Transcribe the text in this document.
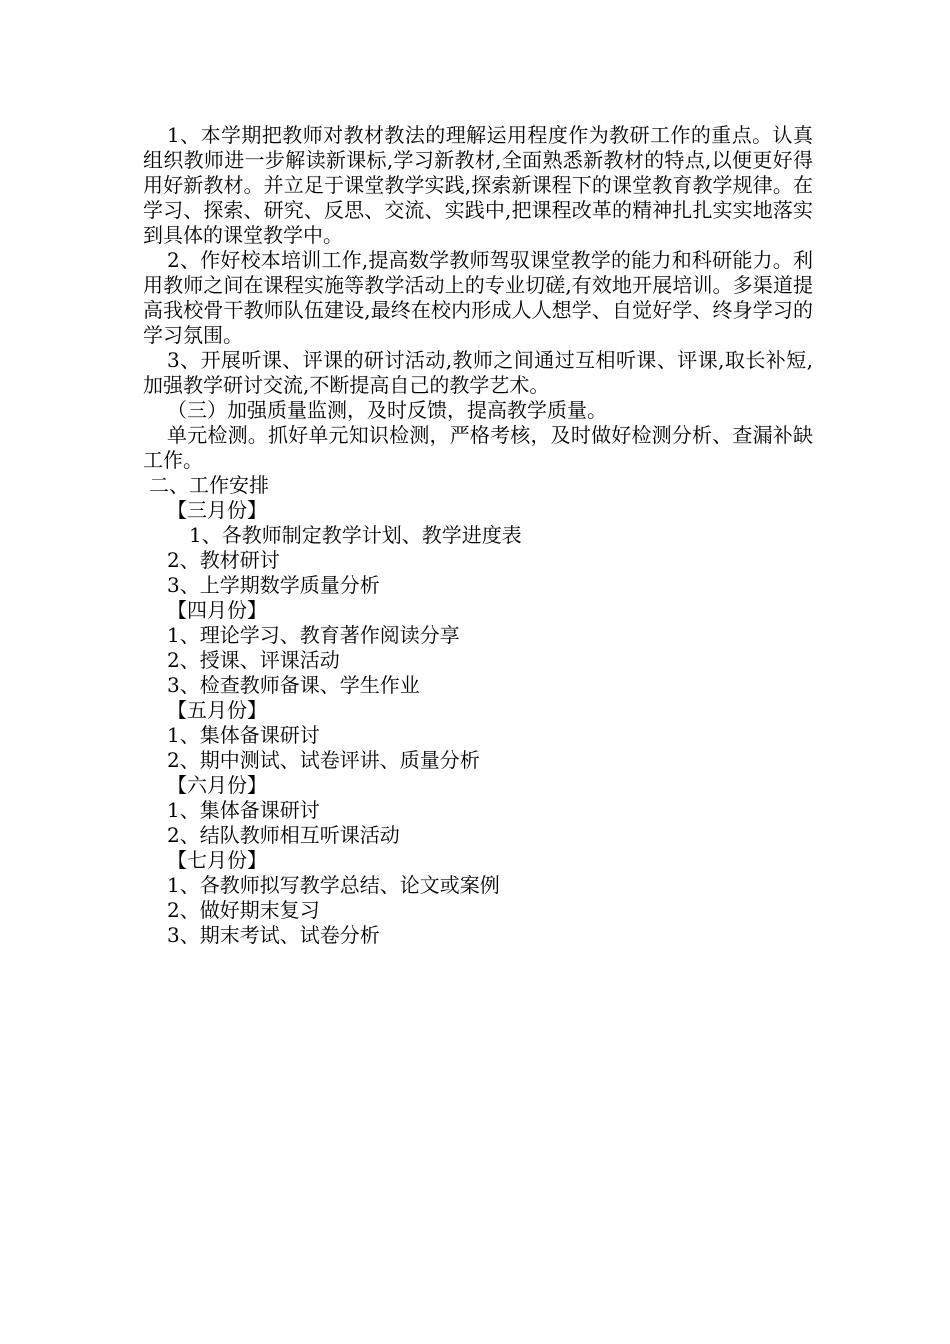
1、本学期把教师对教材教法的理解运用程度作为教研工作的重点。认真组织教师进一步解读新课标,学习新教材,全面熟悉新教材的特点,以便更好得用好新教材。并立足于课堂教学实践,探索新课程下的课堂教育教学规律。在学习、探索、研究、反思、交流、实践中,把课程改革的精神扎扎实实地落实到具体的课堂教学中。

2、作好校本培训工作,提高数学教师驾驭课堂教学的能力和科研能力。利用教师之间在课程实施等教学活动上的专业切磋,有效地开展培训。多渠道提高我校骨干教师队伍建设,最终在校内形成人人想学、自觉好学、终身学习的学习氛围。

3、开展听课、评课的研讨活动,教师之间通过互相听课、评课,取长补短,加强教学研讨交流,不断提高自己的教学艺术。

（三）加强质量监测，及时反馈，提高教学质量。

单元检测。抓好单元知识检测，严格考核，及时做好检测分析、查漏补缺工作。

二、工作安排

【三月份】

1、各教师制定教学计划、教学进度表

2、教材研讨

3、上学期数学质量分析

【四月份】

1、理论学习、教育著作阅读分享

2、授课、评课活动

3、检查教师备课、学生作业

【五月份】

1、集体备课研讨

2、期中测试、试卷评讲、质量分析

【六月份】

1、集体备课研讨

2、结队教师相互听课活动

【七月份】

1、各教师拟写教学总结、论文或案例

2、做好期末复习

3、期末考试、试卷分析
